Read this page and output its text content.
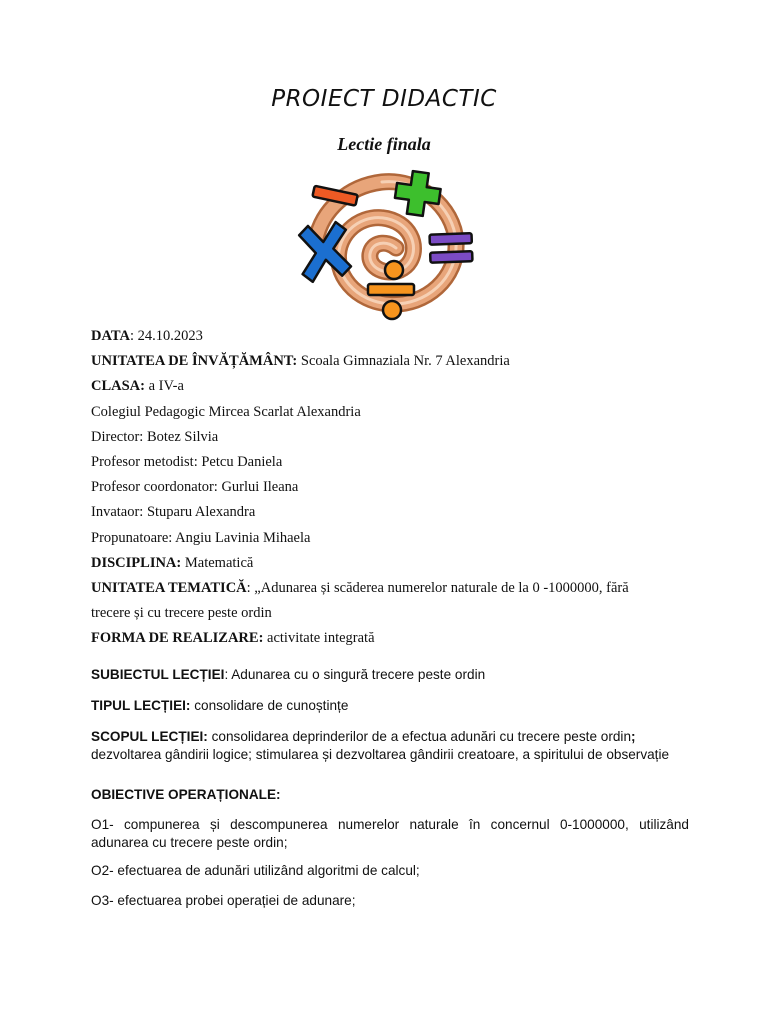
PROIECT DIDACTIC
Lectie finala
DATA: 24.10.2023
UNITATEA DE ÎNVĂȚĂMÂNT: Scoala Gimnaziala Nr. 7 Alexandria
CLASA: a IV-a
Colegiul Pedagogic Mircea Scarlat Alexandria
Director: Botez Silvia
Profesor metodist: Petcu Daniela
Profesor coordonator: Gurlui Ileana
Invataor: Stuparu Alexandra
Propunatoare: Angiu Lavinia Mihaela
DISCIPLINA: Matematică
UNITATEA TEMATICĂ: „Adunarea și scăderea numerelor naturale de la 0 -1000000, fără
trecere și cu trecere peste ordin
FORMA DE REALIZARE: activitate integrată
SUBIECTUL LECȚIEI: Adunarea cu o singură trecere peste ordin
TIPUL LECȚIEI: consolidare de cunoștințe
SCOPUL LECȚIEI: consolidarea deprinderilor de a efectua adunări cu trecere peste ordin; dezvoltarea gândirii logice; stimularea și dezvoltarea gândirii creatoare, a spiritului de observație
OBIECTIVE OPERAȚIONALE:
O1- compunerea și descompunerea numerelor naturale în concernul 0-1000000, utilizând adunarea cu trecere peste ordin;
O2- efectuarea de adunări utilizând algoritmi de calcul;
O3- efectuarea probei operației de adunare;
